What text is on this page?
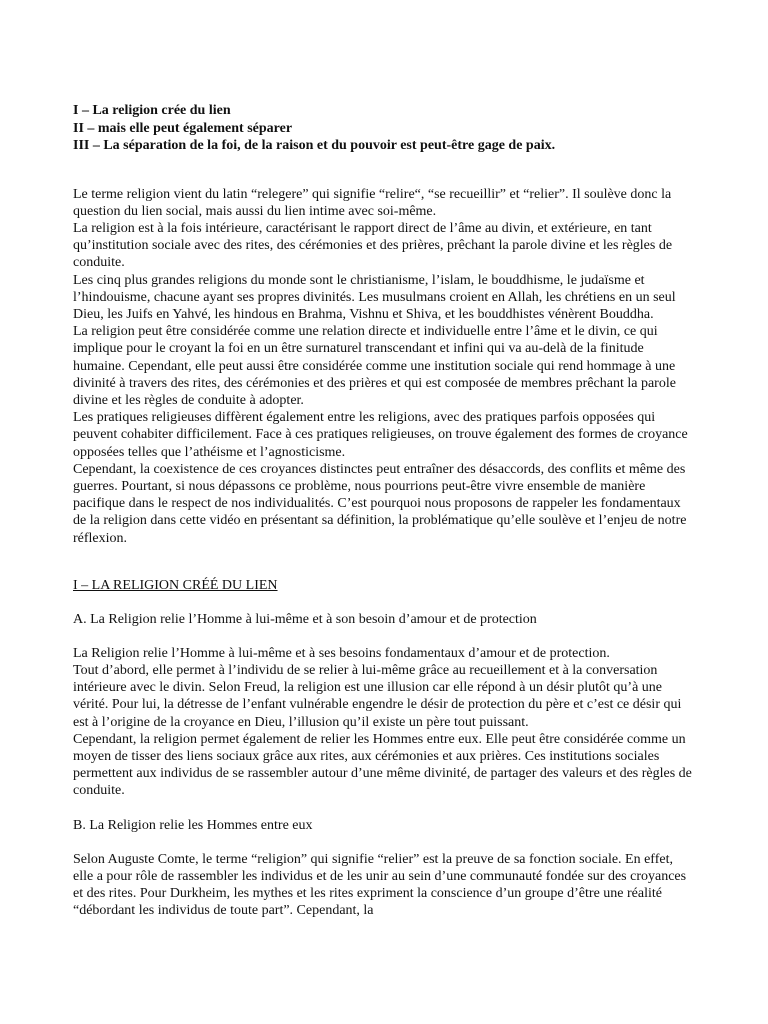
I – La religion crée du lien
II – mais elle peut également séparer
III – La séparation de la foi, de la raison et du pouvoir est peut-être gage de paix.

Le terme religion vient du latin “relegere” qui signifie “relire“, “se recueillir” et “relier”. Il soulève donc la question du lien social, mais aussi du lien intime avec soi-même.

La religion est à la fois intérieure, caractérisant le rapport direct de l’âme au divin, et extérieure, en tant qu’institution sociale avec des rites, des cérémonies et des prières, prêchant la parole divine et les règles de conduite.

Les cinq plus grandes religions du monde sont le christianisme, l’islam, le bouddhisme, le judaïsme et l’hindouisme, chacune ayant ses propres divinités. Les musulmans croient en Allah, les chrétiens en un seul Dieu, les Juifs en Yahvé, les hindous en Brahma, Vishnu et Shiva, et les bouddhistes vénèrent Bouddha.

La religion peut être considérée comme une relation directe et individuelle entre l’âme et le divin, ce qui implique pour le croyant la foi en un être surnaturel transcendant et infini qui va au-delà de la finitude humaine. Cependant, elle peut aussi être considérée comme une institution sociale qui rend hommage à une divinité à travers des rites, des cérémonies et des prières et qui est composée de membres prêchant la parole divine et les règles de conduite à adopter.

Les pratiques religieuses diffèrent également entre les religions, avec des pratiques parfois opposées qui peuvent cohabiter difficilement. Face à ces pratiques religieuses, on trouve également des formes de croyance opposées telles que l’athéisme et l’agnosticisme.

Cependant, la coexistence de ces croyances distinctes peut entraîner des désaccords, des conflits et même des guerres. Pourtant, si nous dépassons ce problème, nous pourrions peut-être vivre ensemble de manière pacifique dans le respect de nos individualités. C’est pourquoi nous proposons de rappeler les fondamentaux de la religion dans cette vidéo en présentant sa définition, la problématique qu’elle soulève et l’enjeu de notre réflexion.

I – LA RELIGION CRÉÉ DU LIEN
A. La Religion relie l’Homme à lui-même et à son besoin d’amour et de protection

La Religion relie l’Homme à lui-même et à ses besoins fondamentaux d’amour et de protection.

Tout d’abord, elle permet à l’individu de se relier à lui-même grâce au recueillement et à la conversation intérieure avec le divin. Selon Freud, la religion est une illusion car elle répond à un désir plutôt qu’à une vérité. Pour lui, la détresse de l’enfant vulnérable engendre le désir de protection du père et c’est ce désir qui est à l’origine de la croyance en Dieu, l’illusion qu’il existe un père tout puissant.

Cependant, la religion permet également de relier les Hommes entre eux. Elle peut être considérée comme un moyen de tisser des liens sociaux grâce aux rites, aux cérémonies et aux prières. Ces institutions sociales permettent aux individus de se rassembler autour d’une même divinité, de partager des valeurs et des règles de conduite.

B. La Religion relie les Hommes entre eux

Selon Auguste Comte, le terme “religion” qui signifie “relier” est la preuve de sa fonction sociale. En effet, elle a pour rôle de rassembler les individus et de les unir au sein d’une communauté fondée sur des croyances et des rites. Pour Durkheim, les mythes et les rites expriment la conscience d’un groupe d’être une réalité “débordant les individus de toute part”. Cependant, la
